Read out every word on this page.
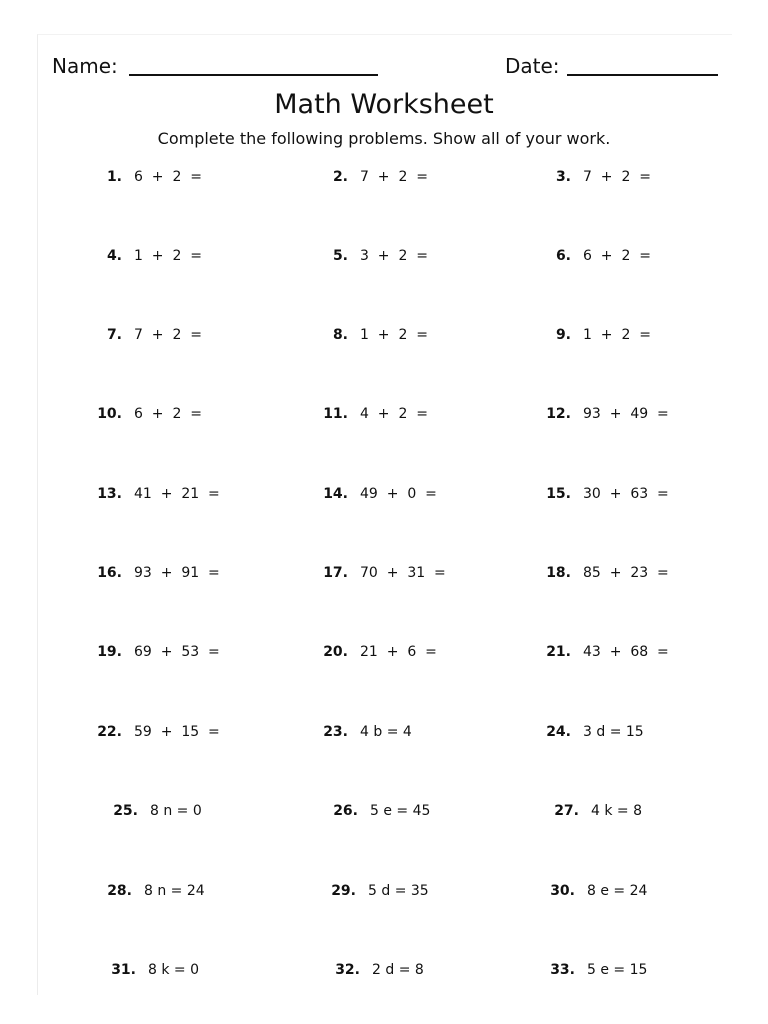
Name:	Date:
Math Worksheet
Complete the following problems. Show all of your work.
1. 6  +  2  =	2. 7  +  2  =	3. 7  +  2  =
4. 1  +  2  =	5. 3  +  2  =	6. 6  +  2  =
7. 7  +  2  =	8. 1  +  2  =	9. 1  +  2  =
10. 6  +  2  =	11. 4  +  2  =	12. 93  +  49  =
13. 41  +  21  =	14. 49  +  0  =	15. 30  +  63  =
16. 93  +  91  =	17. 70  +  31  =	18. 85  +  23  =
19. 69  +  53  =	20. 21  +  6  =	21. 43  +  68  =
22. 59  +  15  =	23. 4 b = 4	24. 3 d = 15
25. 8 n = 0	26. 5 e = 45	27. 4 k = 8
28. 8 n = 24	29. 5 d = 35	30. 8 e = 24
31. 8 k = 0	32. 2 d = 8	33. 5 e = 15
